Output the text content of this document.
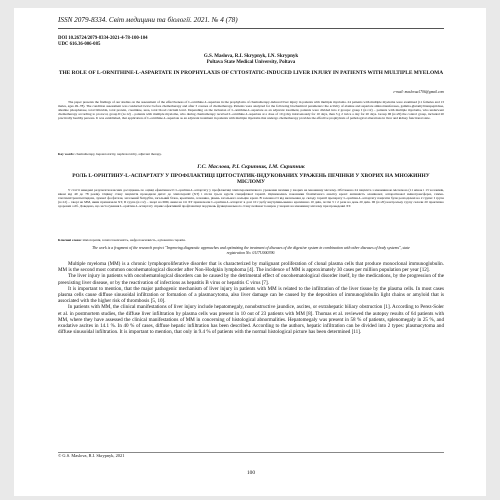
ISSN 2079-8334. Світ медицини та біології. 2021. № 4 (78)
DOI 10.26724/2079-8334-2021-4-78-100-104
UDC 616.36-006-085
G.S. Maslova, R.I. Skrypnyk, I.N. Skrypnyk
Poltava State Medical University, Poltava
THE ROLE OF L-ORNITHINE-L-ASPARTATE IN PROPHYLAXIS OF CYTOSTATIC-INDUCED LIVER INJURY IN PATIENTS WITH MULTIPLE MYELOMA
e-mail: maslovaa1706@gmail.com
The paper presents the findings of our studies on the assessment of the effectiveness of L-ornithine-L-aspartate in the prophylaxis of chemotherapy-induced liver injury in patients with multiple myeloma. 24 patients with multiple myeloma were examined (11 females and 13 males, ages 49–78). The condition assessment was conducted twice: before chemotherapy and after 3 courses of chemotherapy. Patients were analyzed for the following biochemical parameters: the activity of alanine and aspartate aminotransferases, gamma-glutamyltranspeptidase, alkaline phosphatase, total bilirubin, total protein, creatinine, urea, total blood calcium level. Depending on the inclusion of L-ornithine-L-aspartate as an adjuvant treatment, patients were divided into 2 groups: group I (n=12) – patients with multiple myeloma, who underwent chemotherapy according to protocol, group II (n=12) – patients with multiple myeloma, who during chemotherapy received L-ornithine-L-aspartate at a dose of 10 g/day intravenously for 10 days, then 3 g 2 twice a day for 20 days. Group III (n=20) the control group, included 20 practically healthy persons. It was established, that application of L-ornithine-L-aspartate as an adjuvant treatment in patients with multiple myeloma that undergo chemotherapy provides the effective prophylaxis of pathological alterations in liver and kidney functional state.
Key words: chemotherapy, hepatotoxicity, nephrotoxicity, adjuvant therapy.
Г.С. Маслова, Р.І. Скрипник, І.М. Скрипник
РОЛЬ L-ОРНІТИНУ-L-АСПАРТАТУ У ПРОФІЛАКТИЦІ ЦИТОСТАТИК-ІНДУКОВАНИХ УРАЖЕНЬ ПЕЧІНКИ У ХВОРИХ НА МНОЖИННУ МІЄЛОМУ
У статті наведені результати власних досліджень по оцінці ефективності L-орнітин-L-аспартату у профілактиці хіміотерапевтичного ураження печінки у хворих на множинну мієлому. Обстежено 24 пацієнта з множинною мієломою (11 жінок і 13 чоловіків, віком від 49 до 78 років). Оцінку стану пацієнтів проводили двічі: до хіміотерапії (ХТ) і після трьох курсів специфічної терапії. Оцінювались показники біохімічного аналізу крові: активність аланінової, аспарагінової амінотрансфераз, гамма-глютамілтранспептидази, лужної фосфатази, загальний білірубін, загальний білок, креатинін, сечовина, рівень загального кальцію крові. В залежності від включення до складу терапії препарату L-орнітин-L-аспартату пацієнти були розподілені на 2 групи: І група (n=12) – хворі на ММ, яким призначали ХТ, ІІ група (n=12) – хворі на ММ, яким на тлі ХТ призначали L-орнітин-L-аспартат в дозі 10 г/добу внутрішньовенно краплинно 10 днів, потім 3 г 2 рази на день 20 днів. ІІІ (n=20) контрольну групу склали 20 практично здорових осіб. Доведено, що застосування L-орнітин-L-аспартату сприяє ефективній профілактиці порушень функціонального стану печінки та нирок у хворих на множинну мієлому при проведенні ХТ.
Ключові слова: хіміотерапія, гепатотоксичність, нефротоксичність, ад'ювантна терапія.
The work is a fragment of the research project "Improving diagnostic approaches and optimizing the treatment of diseases of the digestive system in combination with other diseases of body systems", state registration No. 0117U000390.

Multiple myeloma (MM) is a chronic lymphoproliferative disorder that is characterized by malignant proliferation of clonal plasma cells that produce monoclonal immunoglobulin. MM is the second most common oncohematological disorder after Non-Hodgkin lymphoma [4]. The incidence of MM is approximately 30 cases per million population per year [12].

The liver injury in patients with oncohematological disorders can be caused by the detrimental effect of oncohematological disorder itself, by the medications, by the progression of the preexisting liver disease, or by the reactivation of infections as hepatitis B virus or hepatitis C virus [7].

It is important to mention, that the major pathogenic mechanism of liver injury in patients with MM is related to the infiltration of the liver tissue by the plasma cells. In most cases plasma cells cause diffuse sinusoidal infiltration or formation of a plasmacytoma, also liver damage can be caused by the deposition of immunoglobulin light chains or amyloid that is associated with the higher risk of thrombosis [5, 10].

In patients with MM, the clinical manifestations of liver injury include hepatomegaly, nonobstructive jaundice, ascites, or extrahepatic biliary obstruction [1]. According to Perez-Soler et al. in postmortem studies, the diffuse liver infiltration by plasma cells was present in 10 out of 23 patients with MM [8]. Thomas et al. reviewed the autopsy results of 64 patients with MM, where they have assessed the clinical manifestations of MM in concerning of histological abnormalities. Hepatomegaly was present in 58 % of patients, splenomegaly in 25 %, and exudative ascites in 14.1 %. In 40 % of cases, diffuse hepatic infiltration has been described. According to the authors, hepatic infiltration can be divided into 2 types: plasmacytoma and diffuse sinusoidal infiltration. It is important to mention, that only in 9.4 % of patients with the normal histological picture has been determined [11].

© G.S. Maslova, R.I. Skrypnyk, 2021
100
